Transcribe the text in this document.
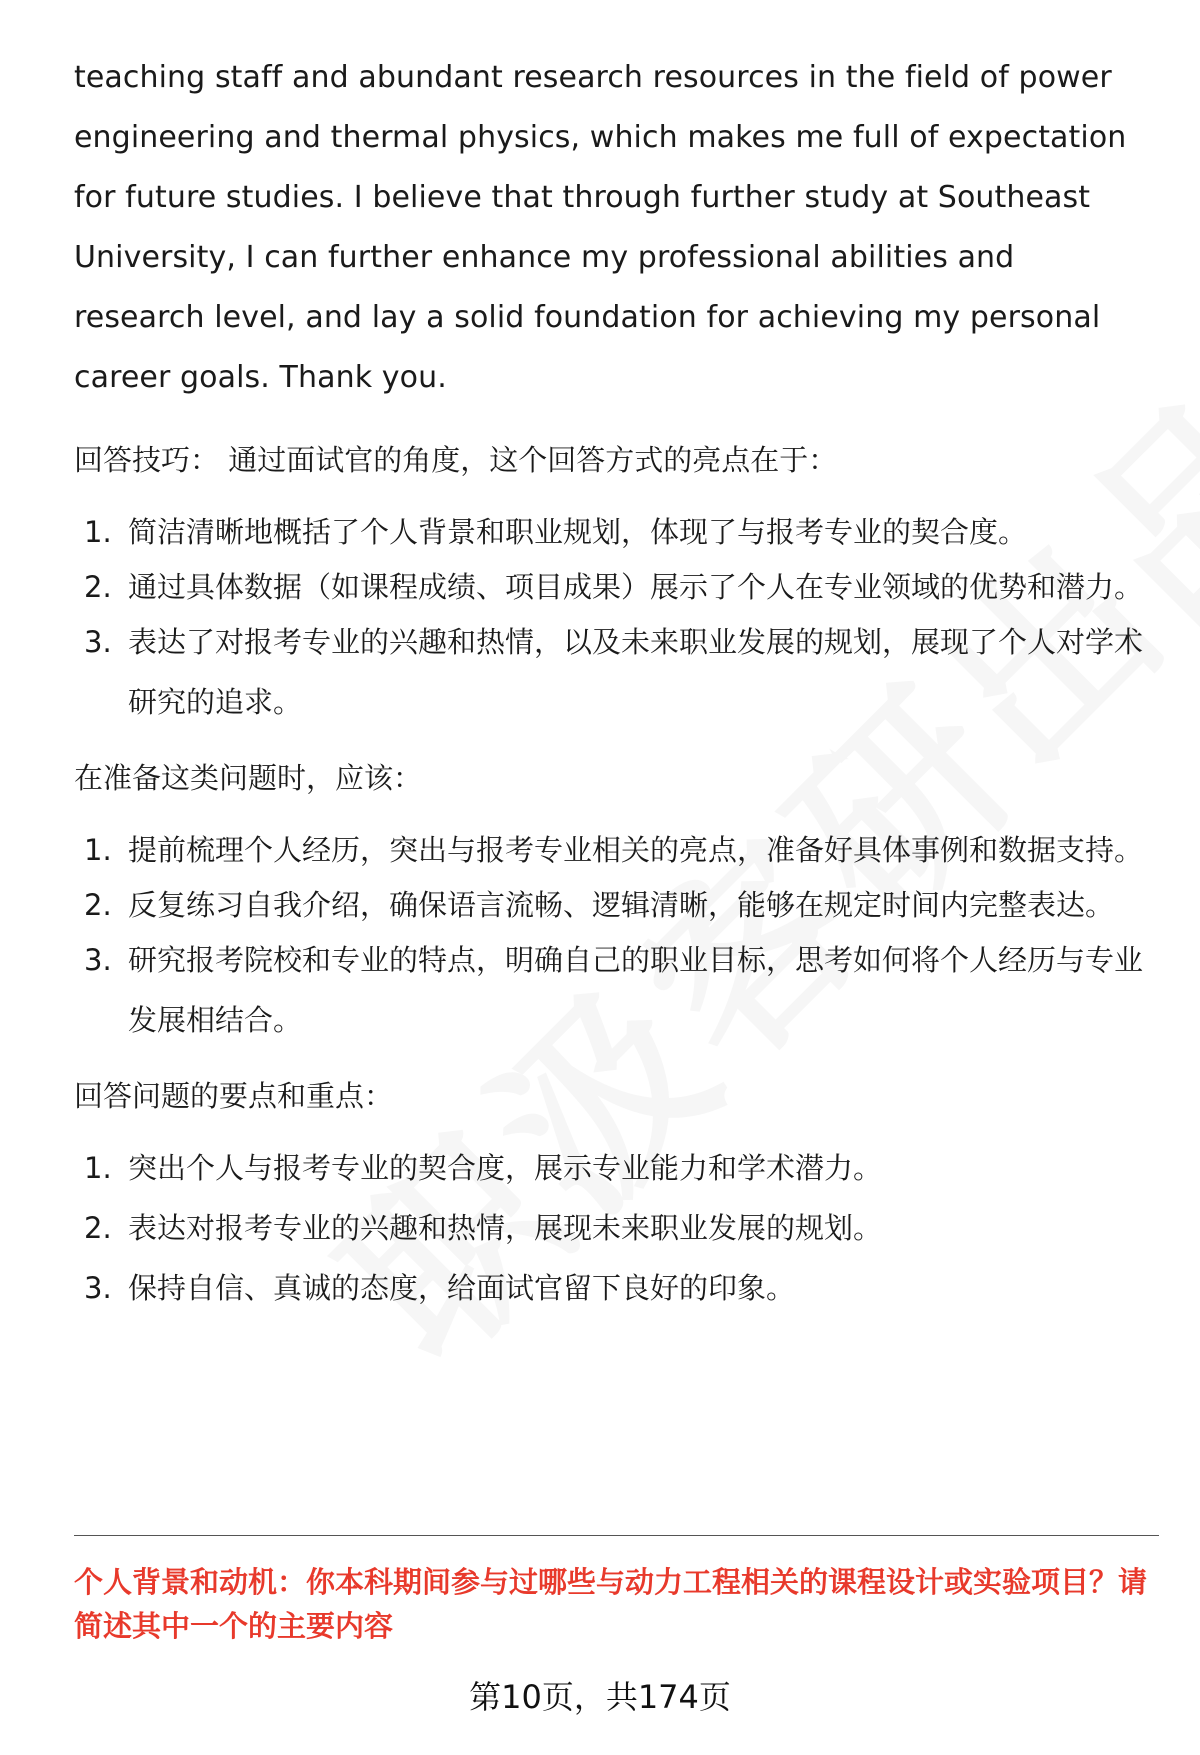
teaching staff and abundant research resources in the field of power engineering and thermal physics, which makes me full of expectation for future studies. I believe that through further study at Southeast University, I can further enhance my professional abilities and research level, and lay a solid foundation for achieving my personal career goals. Thank you.

回答技巧： 通过面试官的角度，这个回答方式的亮点在于：

1. 简洁清晰地概括了个人背景和职业规划，体现了与报考专业的契合度。
2. 通过具体数据（如课程成绩、项目成果）展示了个人在专业领域的优势和潜力。
3. 表达了对报考专业的兴趣和热情，以及未来职业发展的规划，展现了个人对学术研究的追求。

在准备这类问题时，应该：

1. 提前梳理个人经历，突出与报考专业相关的亮点，准备好具体事例和数据支持。
2. 反复练习自我介绍，确保语言流畅、逻辑清晰，能够在规定时间内完整表达。
3. 研究报考院校和专业的特点，明确自己的职业目标，思考如何将个人经历与专业发展相结合。

回答问题的要点和重点：

1. 突出个人与报考专业的契合度，展示专业能力和学术潜力。
2. 表达对报考专业的兴趣和热情，展现未来职业发展的规划。
3. 保持自信、真诚的态度，给面试官留下良好的印象。

个人背景和动机：你本科期间参与过哪些与动力工程相关的课程设计或实验项目？请简述其中一个的主要内容

第10页，共174页
